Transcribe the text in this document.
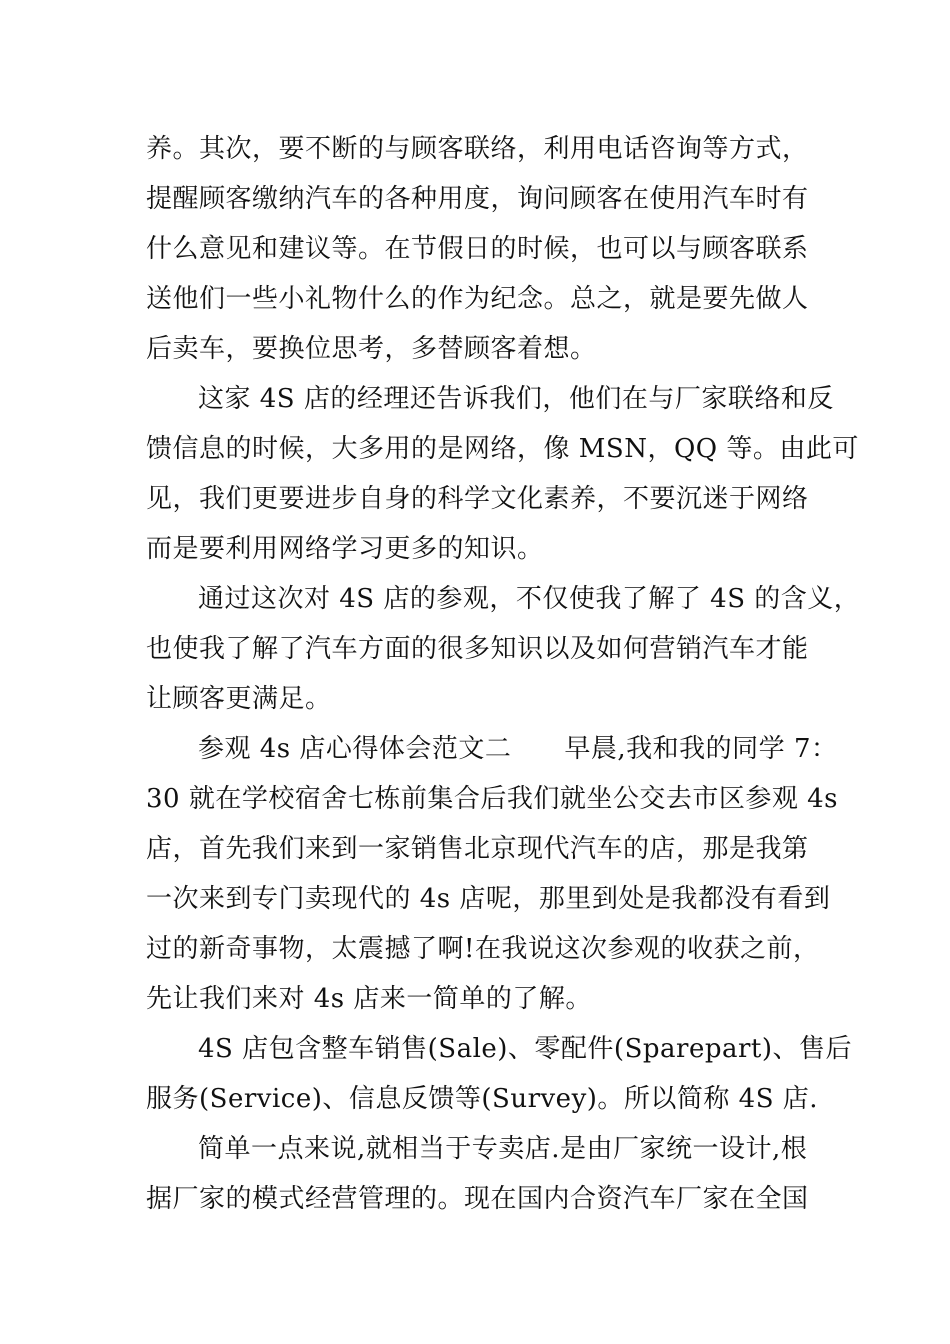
养。其次，要不断的与顾客联络，利用电话咨询等方式，
提醒顾客缴纳汽车的各种用度，询问顾客在使用汽车时有
什么意见和建议等。在节假日的时候，也可以与顾客联系
送他们一些小礼物什么的作为纪念。总之，就是要先做人
后卖车，要换位思考，多替顾客着想。

这家 4S 店的经理还告诉我们，他们在与厂家联络和反
馈信息的时候，大多用的是网络，像 MSN，QQ 等。由此可
见，我们更要进步自身的科学文化素养，不要沉迷于网络
而是要利用网络学习更多的知识。

通过这次对 4S 店的参观，不仅使我了解了 4S 的含义，
也使我了解了汽车方面的很多知识以及如何营销汽车才能
让顾客更满足。

参观 4s 店心得体会范文二　　早晨,我和我的同学 7：
30 就在学校宿舍七栋前集合后我们就坐公交去市区参观 4s
店，首先我们来到一家销售北京现代汽车的店，那是我第
一次来到专门卖现代的 4s 店呢，那里到处是我都没有看到
过的新奇事物，太震撼了啊!在我说这次参观的收获之前，
先让我们来对 4s 店来一简单的了解。

4S 店包含整车销售(Sale)、零配件(Sparepart)、售后
服务(Service)、信息反馈等(Survey)。所以简称 4S 店.

简单一点来说,就相当于专卖店.是由厂家统一设计,根
据厂家的模式经营管理的。现在国内合资汽车厂家在全国
